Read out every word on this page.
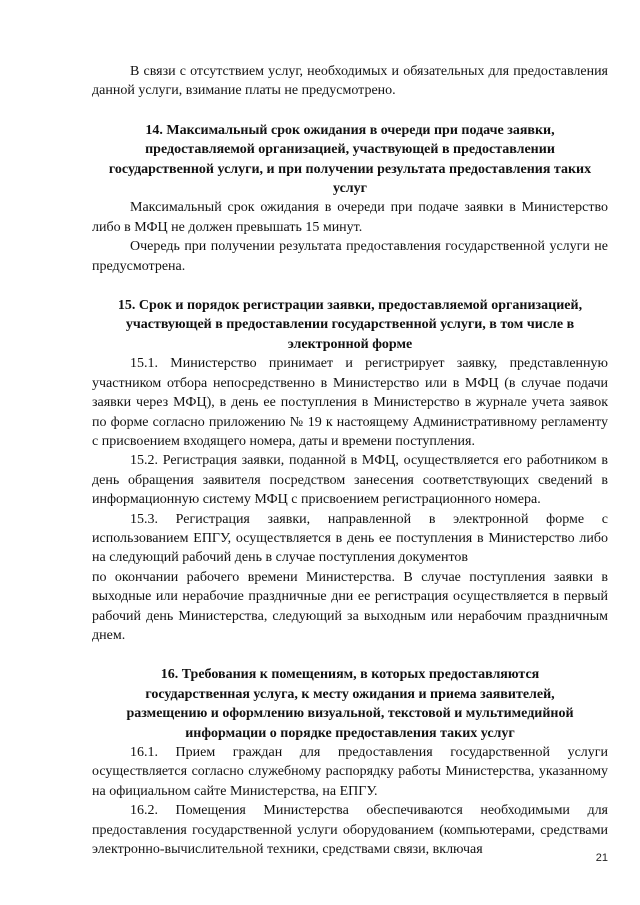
В связи с отсутствием услуг, необходимых и обязательных для предоставления данной услуги, взимание платы не предусмотрено.

14. Максимальный срок ожидания в очереди при подаче заявки, предоставляемой организацией, участвующей в предоставлении государственной услуги, и при получении результата предоставления таких услуг

Максимальный срок ожидания в очереди при подаче заявки в Министерство либо в МФЦ не должен превышать 15 минут.

Очередь при получении результата предоставления государственной услуги не предусмотрена.

15. Срок и порядок регистрации заявки, предоставляемой организацией, участвующей в предоставлении государственной услуги, в том числе в электронной форме

15.1. Министерство принимает и регистрирует заявку, представленную участником отбора непосредственно в Министерство или в МФЦ (в случае подачи заявки через МФЦ), в день ее поступления в Министерство в журнале учета заявок по форме согласно приложению № 19 к настоящему Административному регламенту с присвоением входящего номера, даты и времени поступления.

15.2. Регистрация заявки, поданной в МФЦ, осуществляется его работником в день обращения заявителя посредством занесения соответствующих сведений в информационную систему МФЦ с присвоением регистрационного номера.

15.3. Регистрация заявки, направленной в электронной форме с использованием ЕПГУ, осуществляется в день ее поступления в Министерство либо на следующий рабочий день в случае поступления документов

по окончании рабочего времени Министерства. В случае поступления заявки в выходные или нерабочие праздничные дни ее регистрация осуществляется в первый рабочий день Министерства, следующий за выходным или нерабочим праздничным днем.

16. Требования к помещениям, в которых предоставляются государственная услуга, к месту ожидания и приема заявителей, размещению и оформлению визуальной, текстовой и мультимедийной информации о порядке предоставления таких услуг

16.1. Прием граждан для предоставления государственной услуги осуществляется согласно служебному распорядку работы Министерства, указанному на официальном сайте Министерства, на ЕПГУ.

16.2. Помещения Министерства обеспечиваются необходимыми для предоставления государственной услуги оборудованием (компьютерами, средствами электронно-вычислительной техники, средствами связи, включая

21
